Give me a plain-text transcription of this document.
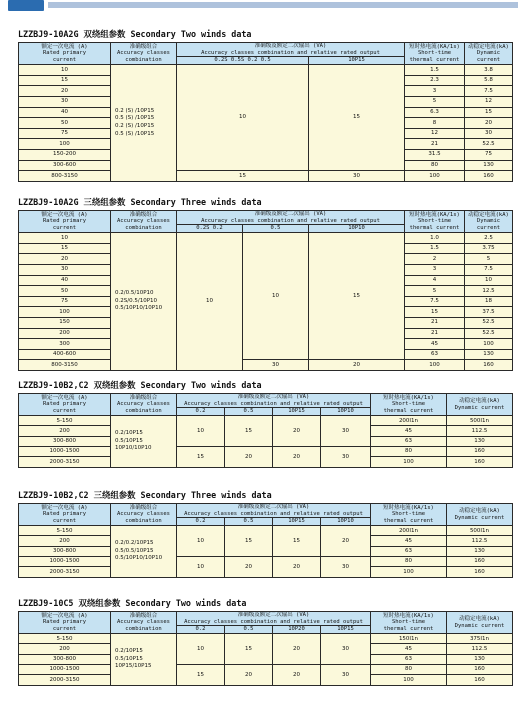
LZZBJ9-10A2G 双绕组参数 Secondary Two winds data
额定一次电流 (A)
Rated primary
current	准确级组合
Accuracy classes
combination	准确级及额定二次输出 (VA)
Accuracy classes combination and relative rated output		短时热电流(KA/1s)
Short-time
thermal current	动稳定电流(kA)
Dynamic current
		0.2S 0.5S 0.2 0.5	10P15		
10	0.2 (S) /10P15
0.5 (S) /10P15
0.2 (S) /10P15
0.5 (S) /10P15	10	15	1.5	3.8
15				2.3	5.8
20				3	7.5
30				5	12
40				6.3	15
50				8	20
75				12	30
100				21	52.5
150-200				31.5	75
300-600				80	130
800-3150		15	30	100	160
LZZBJ9-10A2G 三绕组参数 Secondary Three winds data
额定一次电流 (A)
Rated primary
current	准确级组合
Accuracy classes
combination	准确级及额定二次输出 (VA)
Accuracy classes combination and relative rated output			短时热电流(KA/1s)
Short-time
thermal current	动稳定电流(kA)
Dynamic current
		0.2S 0.2	0.5	10P10		
10	0.2/0.5/10P10
0.2S/0.5/10P10
0.5/10P10/10P10	10	10	15	1.0	2.5
15					1.5	3.75
20					2	5
30					3	7.5
40					4	10
50					5	12.5
75					7.5	18
100					15	37.5
150					21	52.5
200					21	52.5
300					45	100
400-600					63	130
800-3150			30	20	100	160
LZZBJ9-10B2,C2 双绕组参数 Secondary Two winds data
额定一次电流 (A)
Rated primary
current	准确级组合
Accuracy classes
combination	准确级及额定二次输出 (VA)
Accuracy classes combination and relative rated output				短时热电流(KA/1s)
Short-time
thermal current	动稳定电流(kA)
Dynamic current
		0.2	0.5	10P15	10P10		
5-150	0.2/10P15
0.5/10P15
10P10/10P10	10	15	20	30	200I1n	500I1n
200						45	112.5
300-800						63	130
1000-1500		15	20	20	30	80	160
2000-3150						100	160
LZZBJ9-10B2,C2 三绕组参数 Secondary Three winds data
额定一次电流 (A)
Rated primary
current	准确级组合
Accuracy classes
combination	准确级及额定二次输出 (VA)
Accuracy classes combination and relative rated output				短时热电流(KA/1s)
Short-time
thermal current	动稳定电流(kA)
Dynamic current
		0.2	0.5	10P15	10P10		
5-150	0.2/0.2/10P15
0.5/0.5/10P15
0.5/10P10/10P10	10	15	15	20	200I1n	500I1n
200						45	112.5
300-800						63	130
1000-1500		10	20	20	30	80	160
2000-3150						100	160
LZZBJ9-10C5 双绕组参数 Secondary Two winds data
额定一次电流 (A)
Rated primary
current	准确级组合
Accuracy classes
combination	准确级及额定二次输出 (VA)
Accuracy classes combination and relative rated output				短时热电流(KA/1s)
Short-time
thermal current	动稳定电流(kA)
Dynamic current
		0.2	0.5	10P20	10P15		
5-150	0.2/10P15
0.5/10P15
10P15/10P15	10	15	20	30	150I1n	375I1n
200						45	112.5
300-800						63	130
1000-1500		15	20	20	30	80	160
2000-3150						100	160
